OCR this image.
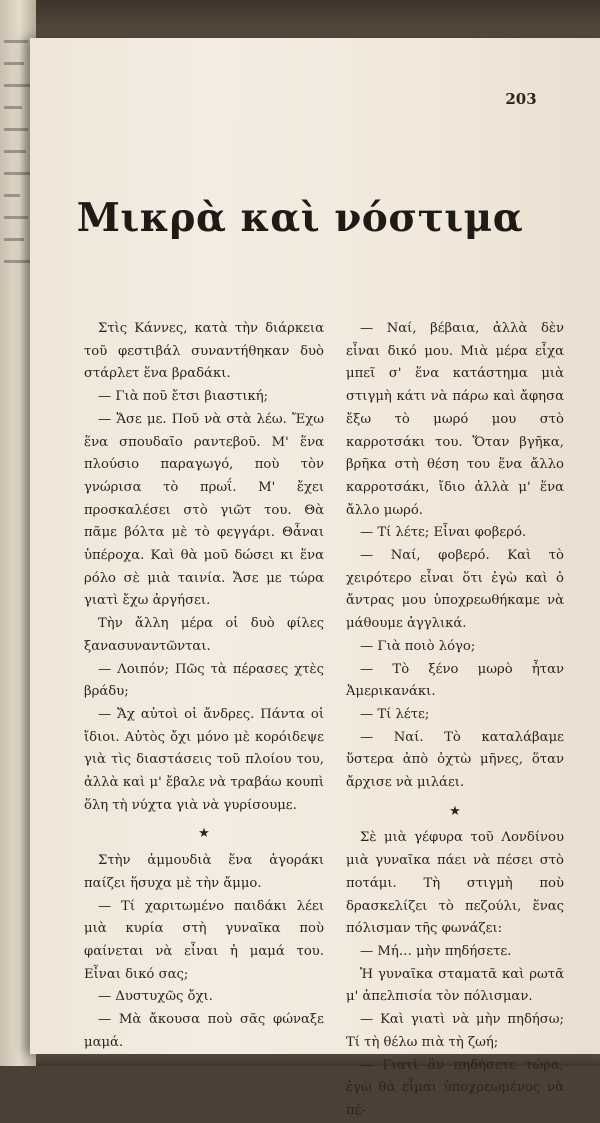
203
Μικρὰ καὶ νόστιμα

Στὶς Κάννες, κατὰ τὴν διάρκεια τοῦ φεστιβάλ συναντήθηκαν δυὸ στάρλετ ἕνα βραδάκι.

— Γιὰ ποῦ ἔτσι βιαστική;

— Ἄσε με. Ποῦ νὰ στὰ λέω. Ἔχω ἕνα σπουδαῖο ραντεβοῦ. Μ' ἕνα πλούσιο παραγωγό, ποὺ τὸν γνώρισα τὸ πρωΐ. Μ' ἔχει προσκαλέσει στὸ γιῶτ του. Θὰ πᾶμε βόλτα μὲ τὸ φεγγάρι. Θἆναι ὑπέροχα. Καὶ θὰ μοῦ δώσει κι ἕνα ρόλο σὲ μιὰ ταινία. Ἄσε με τώρα γιατὶ ἔχω ἀργήσει.

Τὴν ἄλλη μέρα οἱ δυὸ φίλες ξανασυναντῶνται.

— Λοιπόν; Πῶς τὰ πέρασες χτὲς βράδυ;

— Ἄχ αὐτοὶ οἱ ἄνδρες. Πάντα οἱ ἴδιοι. Αὐτὸς ὄχι μόνο μὲ κορόιδεψε γιὰ τὶς διαστάσεις τοῦ πλοίου του, ἀλλὰ καὶ μ' ἔβαλε νὰ τραβάω κουπὶ ὅλη τὴ νύχτα γιὰ νὰ γυρίσουμε.

★

Στὴν ἀμμουδιὰ ἕνα ἀγοράκι παίζει ἥσυχα μὲ τὴν ἄμμο.

— Τί χαριτωμένο παιδάκι λέει μιὰ κυρία στὴ γυναῖκα ποὺ φαίνεται νὰ εἶναι ἡ μαμά του. Εἶναι δικό σας;

— Δυστυχῶς ὄχι.

— Μὰ ἄκουσα ποὺ σᾶς φώναξε μαμά.

— Ναί, βέβαια, ἀλλὰ δὲν εἶναι δικό μου. Μιὰ μέρα εἶχα μπεῖ σ' ἕνα κατάστημα μιὰ στιγμὴ κάτι νὰ πάρω καὶ ἄφησα ἔξω τὸ μωρό μου στὸ καρροτσάκι του. Ὅταν βγῆκα, βρῆκα στὴ θέση του ἕνα ἄλλο καρροτσάκι, ἴδιο ἀλλὰ μ' ἕνα ἄλλο μωρό.

— Τί λέτε; Εἶναι φοβερό.

— Ναί, φοβερό. Καὶ τὸ χειρότερο εἶναι ὅτι ἐγὼ καὶ ὁ ἄντρας μου ὑποχρεωθήκαμε νὰ μάθουμε ἀγγλικά.

— Γιὰ ποιὸ λόγο;

— Τὸ ξένο μωρὸ ἦταν Ἀμερικανάκι.

— Τί λέτε;

— Ναί. Τὸ καταλάβαμε ὕστερα ἀπὸ ὀχτὼ μῆνες, ὅταν ἄρχισε νὰ μιλάει.

★

Σὲ μιὰ γέφυρα τοῦ Λονδίνου μιὰ γυναῖκα πάει νὰ πέσει στὸ ποτάμι. Τὴ στιγμὴ ποὺ δρασκελίζει τὸ πεζούλι, ἕνας πόλισμαν τῆς φωνάζει:

— Μή… μὴν πηδήσετε.

Ἡ γυναῖκα σταματᾶ καὶ ρωτᾶ μ' ἀπελπισία τὸν πόλισμαν.

— Καὶ γιατὶ νὰ μὴν πηδήσω; Τί τὴ θέλω πιὰ τὴ ζωή;

— Γιατὶ ἂν πηδήσετε τώρα, ἐγὼ θὰ εἶμαι ὑποχρεωμένος νὰ πέ-
